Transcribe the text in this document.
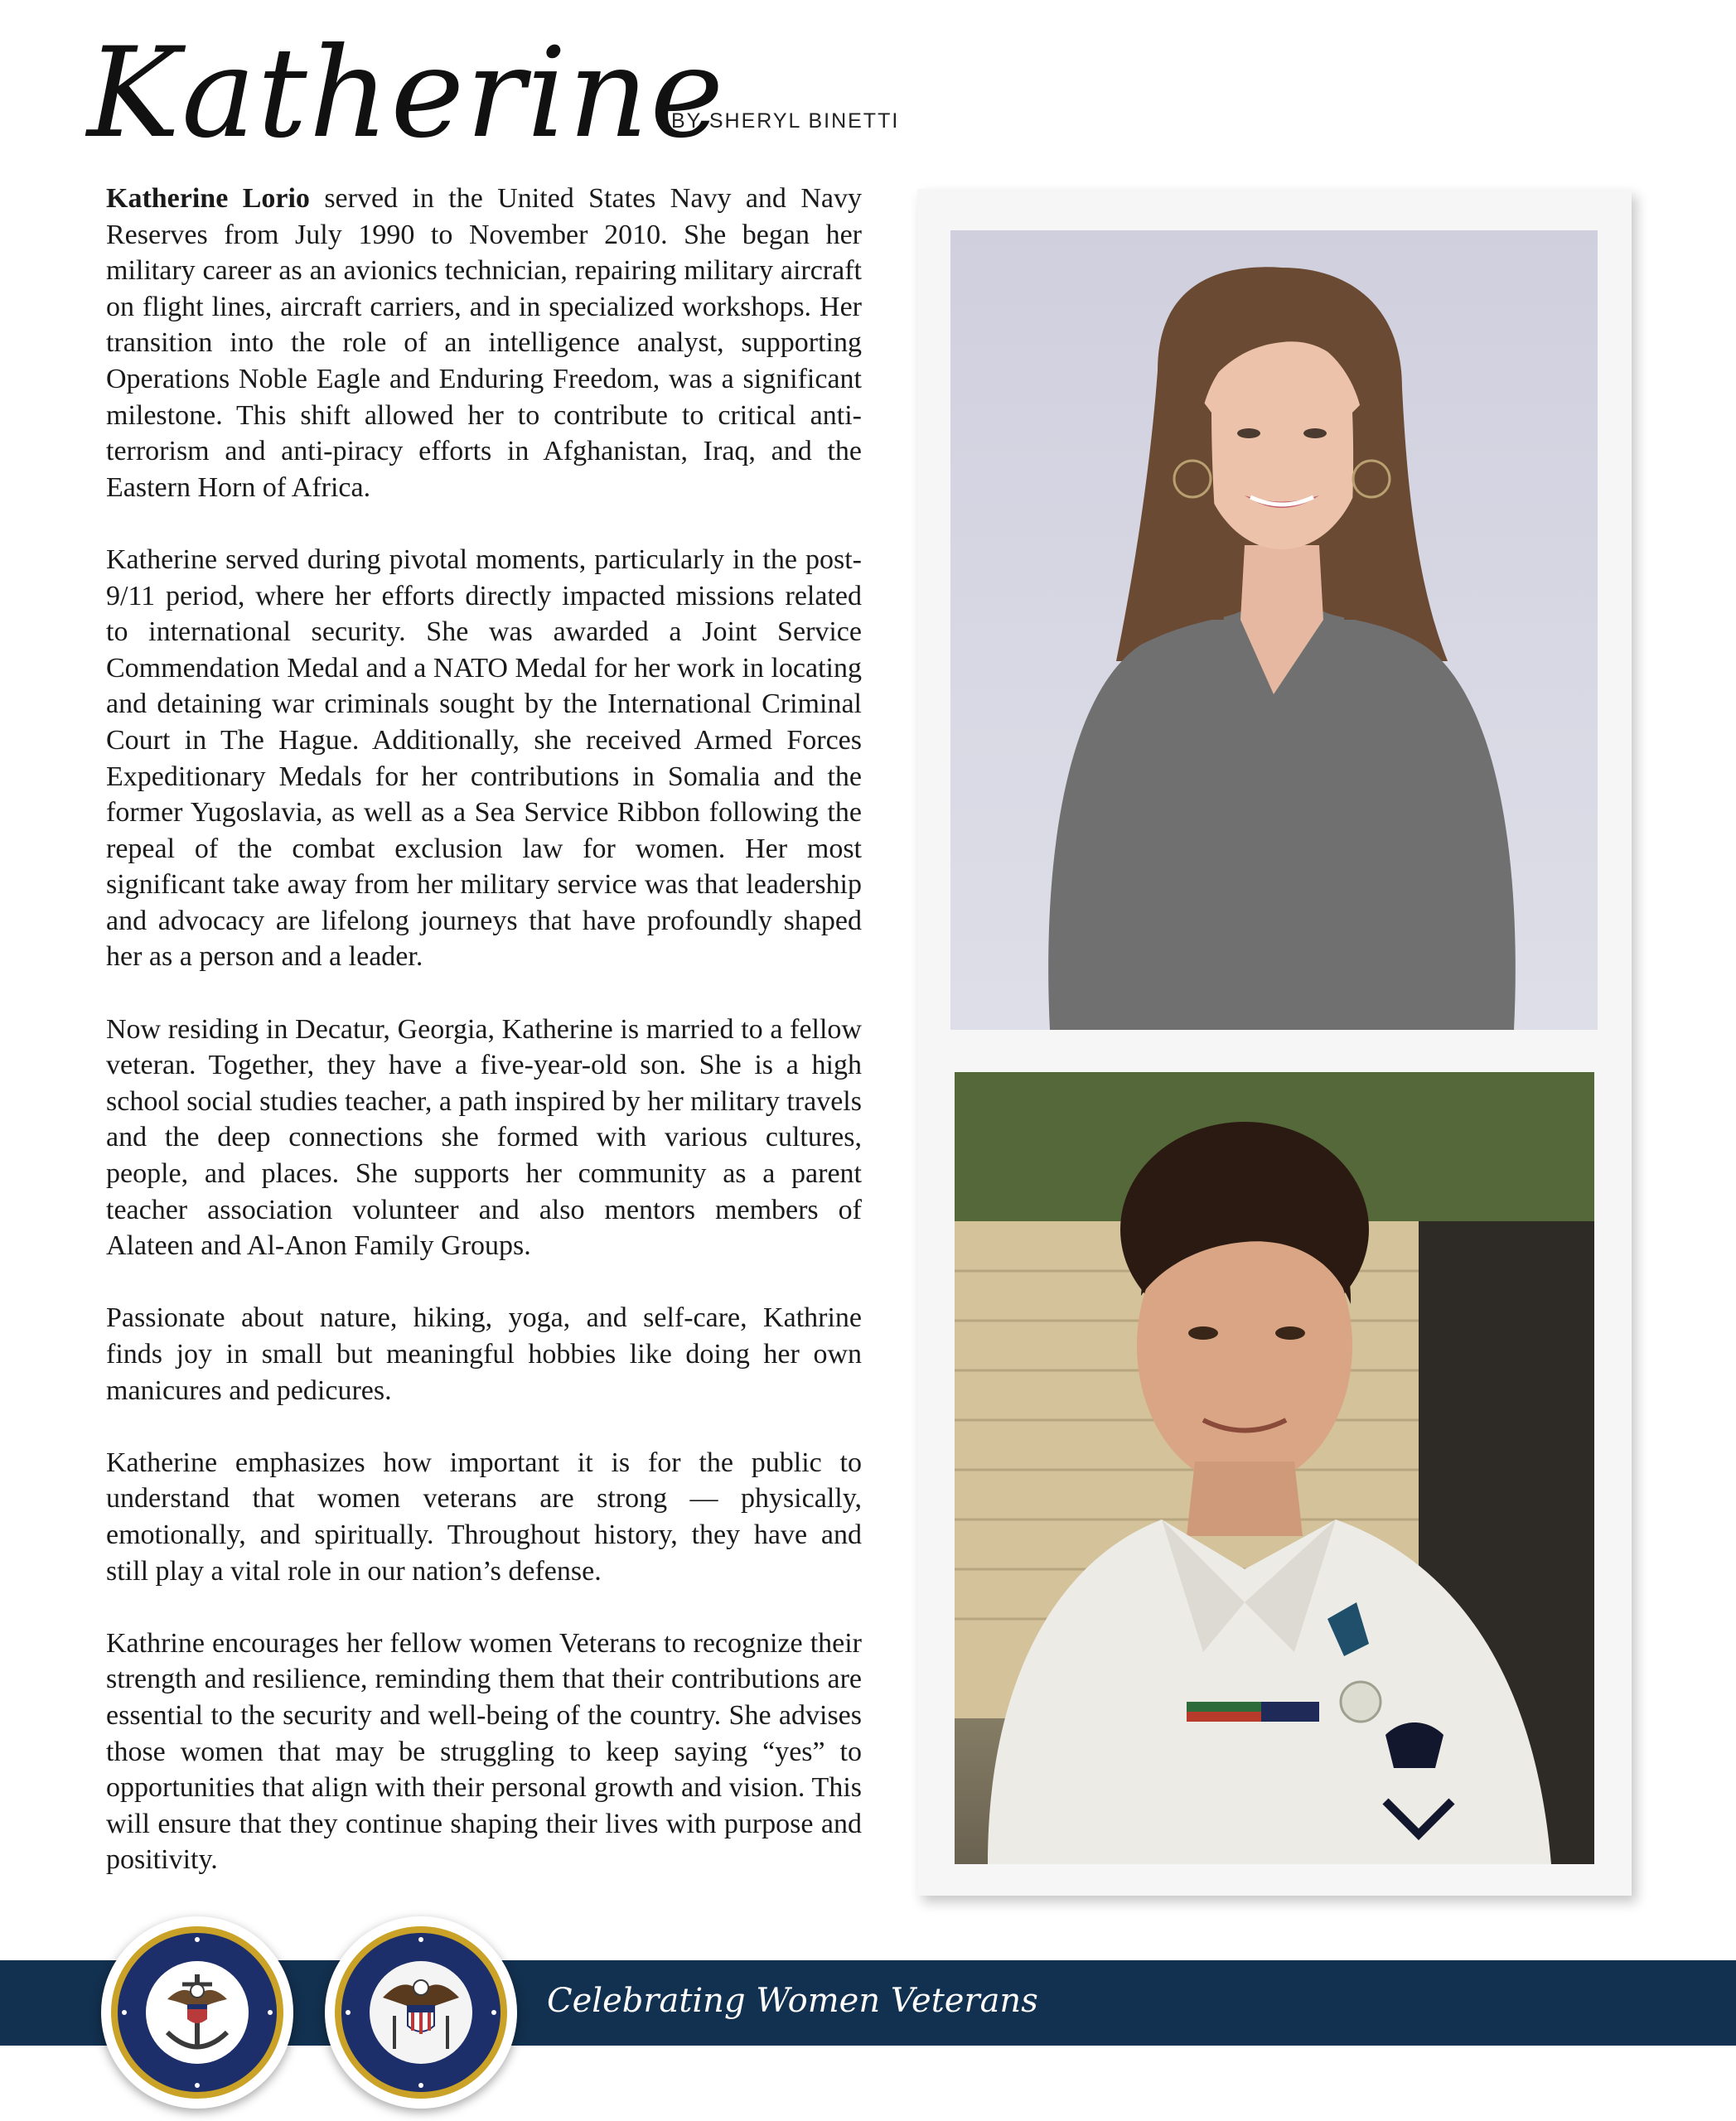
Katherine
BY SHERYL BINETTI

Katherine Lorio served in the United States Navy and Navy Reserves from July 1990 to November 2010. She began her military career as an avionics technician, repairing military aircraft on flight lines, aircraft carriers, and in specialized workshops. Her transition into the role of an intelligence analyst, supporting Operations Noble Eagle and Enduring Freedom, was a significant milestone. This shift allowed her to contribute to critical anti-terrorism and anti-piracy efforts in Afghanistan, Iraq, and the Eastern Horn of Africa.

Katherine served during pivotal moments, particularly in the post-9/11 period, where her efforts directly impacted missions related to international security. She was awarded a Joint Service Commendation Medal and a NATO Medal for her work in locating and detaining war criminals sought by the International Criminal Court in The Hague. Additionally, she received Armed Forces Expeditionary Medals for her contributions in Somalia and the former Yugoslavia, as well as a Sea Service Ribbon following the repeal of the combat exclusion law for women. Her most significant take away from her military service was that leadership and advocacy are lifelong journeys that have profoundly shaped her as a person and a leader.

Now residing in Decatur, Georgia, Katherine is married to a fellow veteran. Together, they have a five-year-old son. She is a high school social studies teacher, a path inspired by her military travels and the deep connections she formed with various cultures, people, and places. She supports her community as a parent teacher association volunteer and also mentors members of Alateen and Al-Anon Family Groups.

Passionate about nature, hiking, yoga, and self-care, Kathrine finds joy in small but meaningful hobbies like doing her own manicures and pedicures.

Katherine emphasizes how important it is for the public to understand that women veterans are strong — physically, emotionally, and spiritually. Throughout history, they have and still play a vital role in our nation’s defense.

Kathrine encourages her fellow women Veterans to recognize their strength and resilience, reminding them that their contributions are essential to the security and well-being of the country. She advises those women that may be struggling to keep saying “yes” to opportunities that align with their personal growth and vision. This will ensure that they continue shaping their lives with purpose and positivity.

Celebrating Women Veterans
